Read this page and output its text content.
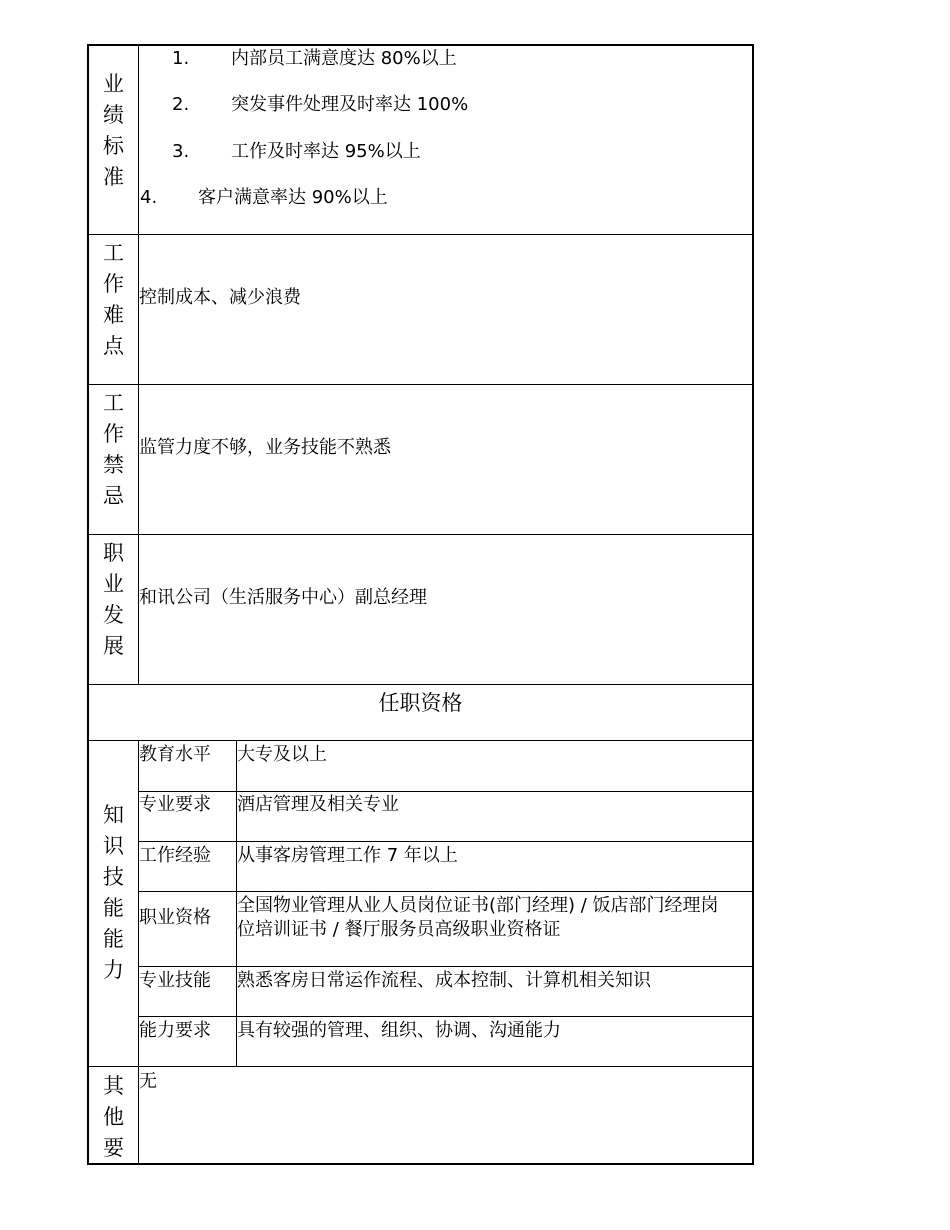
业
绩
标
准
1. 内部员工满意度达 80%以上
2. 突发事件处理及时率达 100%
3. 工作及时率达 95%以上
4. 客户满意率达 90%以上
工
作
难
点
控制成本、减少浪费
工
作
禁
忌
监管力度不够，业务技能不熟悉
职
业
发
展
和讯公司（生活服务中心）副总经理
任职资格
知
识
技
能
能
力
教育水平 大专及以上
专业要求 酒店管理及相关专业
工作经验 从事客房管理工作 7 年以上
职业资格
全国物业管理从业人员岗位证书(部门经理) / 饭店部门经理岗
位培训证书 / 餐厅服务员高级职业资格证
专业技能 熟悉客房日常运作流程、成本控制、计算机相关知识
能力要求 具有较强的管理、组织、协调、沟通能力
其
他
要
无
